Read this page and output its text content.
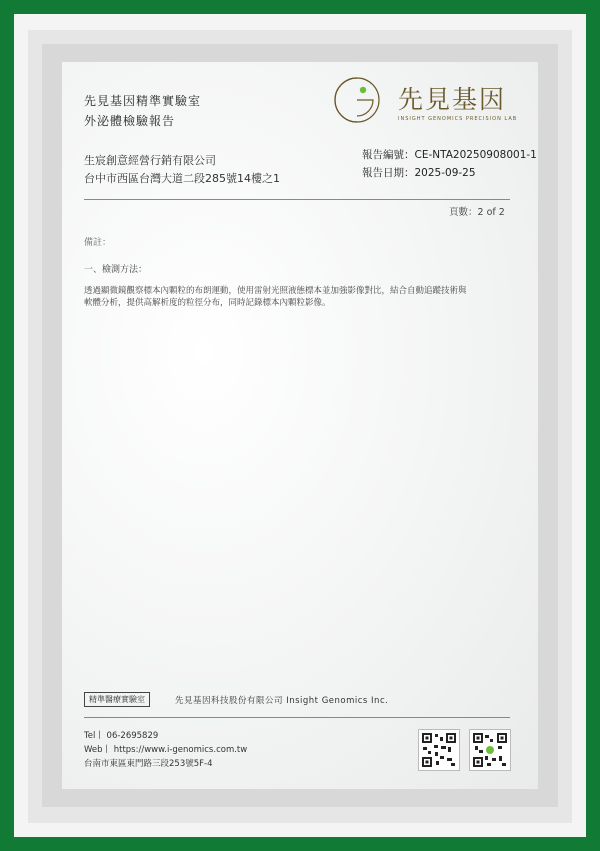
先見基因精準實驗室
外泌體檢驗報告
先見基因
INSIGHT GENOMICS PRECISION LAB
生宸創意經營行銷有限公司
台中市西區台灣大道二段285號14樓之1
報告編號：CE-NTA20250908001-1
報告日期：2025-09-25
頁數：2 of 2
備註：
一、檢測方法：
透過顯微鏡觀察標本內顆粒的布朗運動，使用雷射光照液態標本並加強影像對比，結合自動追蹤技術與
軟體分析，提供高解析度的粒徑分布，同時記錄標本內顆粒影像。
精準醫療實驗室	先見基因科技股份有限公司 Insight Genomics Inc.
Tel丨 06-2695829
Web丨 https://www.i-genomics.com.tw
台南市東區東門路三段253號5F-4
